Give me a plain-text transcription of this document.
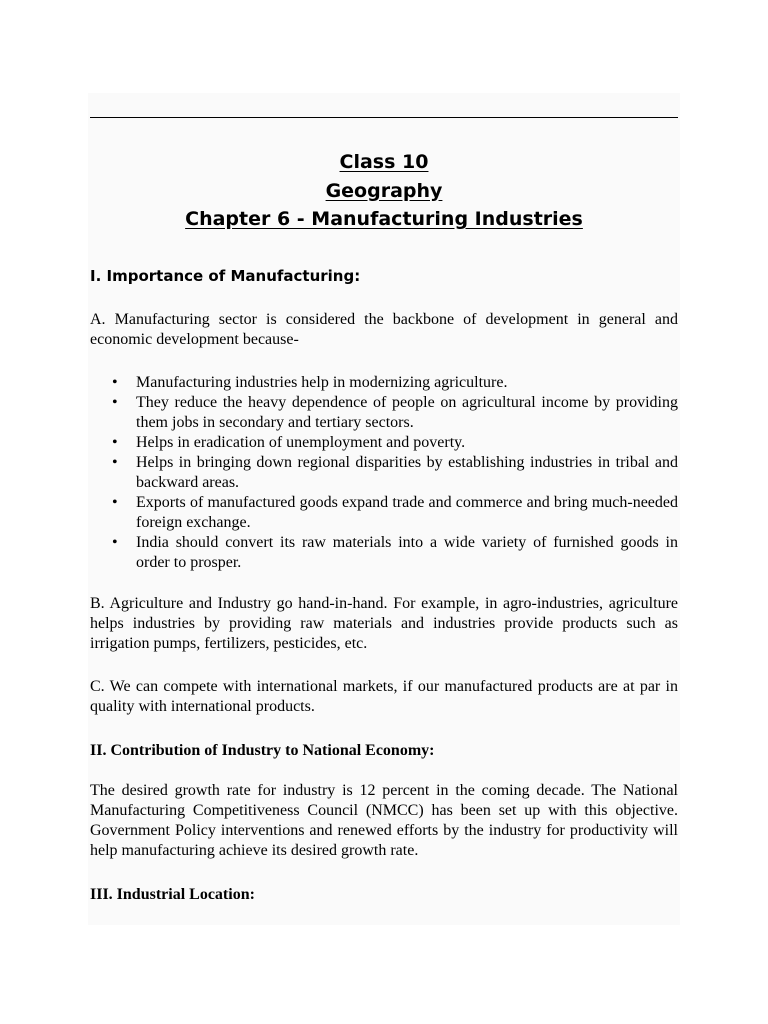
Class 10
Geography
Chapter 6 - Manufacturing Industries
I. Importance of Manufacturing:

A. Manufacturing sector is considered the backbone of development in general and economic development because-

• Manufacturing industries help in modernizing agriculture.
• They reduce the heavy dependence of people on agricultural income by providing them jobs in secondary and tertiary sectors.
• Helps in eradication of unemployment and poverty.
• Helps in bringing down regional disparities by establishing industries in tribal and backward areas.
• Exports of manufactured goods expand trade and commerce and bring much-needed foreign exchange.
• India should convert its raw materials into a wide variety of furnished goods in order to prosper.

B. Agriculture and Industry go hand-in-hand. For example, in agro-industries, agriculture helps industries by providing raw materials and industries provide products such as irrigation pumps, fertilizers, pesticides, etc.

C. We can compete with international markets, if our manufactured products are at par in quality with international products.

II. Contribution of Industry to National Economy:

The desired growth rate for industry is 12 percent in the coming decade. The National Manufacturing Competitiveness Council (NMCC) has been set up with this objective. Government Policy interventions and renewed efforts by the industry for productivity will help manufacturing achieve its desired growth rate.

III. Industrial Location:
